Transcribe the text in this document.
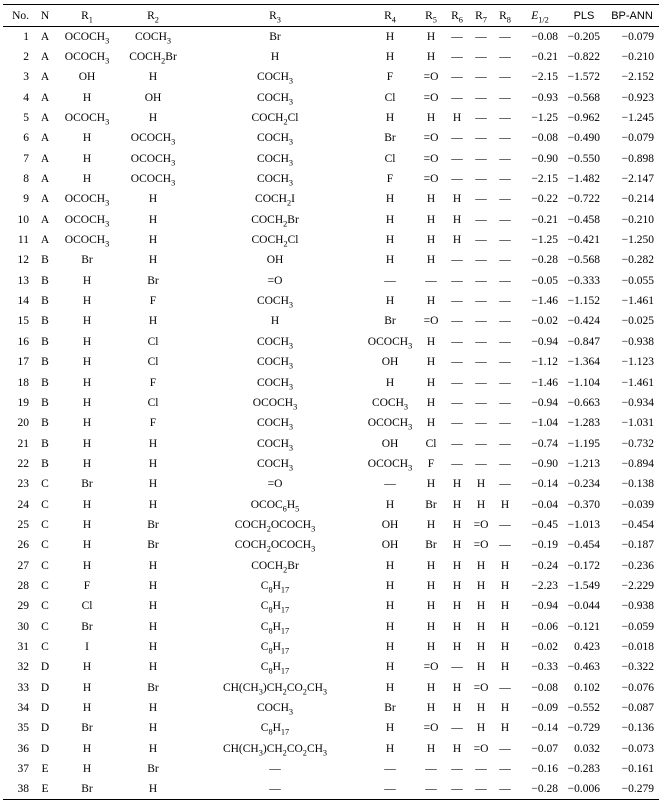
No.	N	$R_1$	$R_2$	$R_3$	$R_4$	$R_5$	$R_6$	$R_7$	$R_8$	$E_{1/2}$	PLS	BP-ANN
1	A	$OCOCH_3$	$COCH_3$	Br	H	H	—	—	—	−0.08	−0.205	−0.079
2	A	$OCOCH_3$	$COCH_2Br$	H	H	H	—	—	—	−0.21	−0.822	−0.210
3	A	OH	H	$COCH_3$	F	=O	—	—	—	−2.15	−1.572	−2.152
4	A	H	OH	$COCH_3$	Cl	=O	—	—	—	−0.93	−0.568	−0.923
5	A	$OCOCH_3$	H	$COCH_2Cl$	H	H	H	—	—	−1.25	−0.962	−1.245
6	A	H	$OCOCH_3$	$COCH_3$	Br	=O	—	—	—	−0.08	−0.490	−0.079
7	A	H	$OCOCH_3$	$COCH_3$	Cl	=O	—	—	—	−0.90	−0.550	−0.898
8	A	H	$OCOCH_3$	$COCH_3$	F	=O	—	—	—	−2.15	−1.482	−2.147
9	A	$OCOCH_3$	H	$COCH_2I$	H	H	H	—	—	−0.22	−0.722	−0.214
10	A	$OCOCH_3$	H	$COCH_2Br$	H	H	H	—	—	−0.21	−0.458	−0.210
11	A	$OCOCH_3$	H	$COCH_2Cl$	H	H	H	—	—	−1.25	−0.421	−1.250
12	B	Br	H	OH	H	H	—	—	—	−0.28	−0.568	−0.282
13	B	H	Br	=O	—	—	—	—	—	−0.05	−0.333	−0.055
14	B	H	F	$COCH_3$	H	H	—	—	—	−1.46	−1.152	−1.461
15	B	H	H	H	Br	=O	—	—	—	−0.02	−0.424	−0.025
16	B	H	Cl	$COCH_3$	$OCOCH_3$	H	—	—	—	−0.94	−0.847	−0.938
17	B	H	Cl	$COCH_3$	OH	H	—	—	—	−1.12	−1.364	−1.123
18	B	H	F	$COCH_3$	H	H	—	—	—	−1.46	−1.104	−1.461
19	B	H	Cl	$OCOCH_3$	$COCH_3$	H	—	—	—	−0.94	−0.663	−0.934
20	B	H	F	$COCH_3$	$OCOCH_3$	H	—	—	—	−1.04	−1.283	−1.031
21	B	H	H	$COCH_3$	OH	Cl	—	—	—	−0.74	−1.195	−0.732
22	B	H	H	$COCH_3$	$OCOCH_3$	F	—	—	—	−0.90	−1.213	−0.894
23	C	Br	H	=O	—	H	H	H	—	−0.14	−0.234	−0.138
24	C	H	H	$OCOC_6H_5$	H	Br	H	H	H	−0.04	−0.370	−0.039
25	C	H	Br	$COCH_2OCOCH_3$	OH	H	H	=O	—	−0.45	−1.013	−0.454
26	C	H	Br	$COCH_2OCOCH_3$	OH	Br	H	=O	—	−0.19	−0.454	−0.187
27	C	H	H	$COCH_2Br$	H	H	H	H	H	−0.24	−0.172	−0.236
28	C	F	H	$C_8H_{17}$	H	H	H	H	H	−2.23	−1.549	−2.229
29	C	Cl	H	$C_8H_{17}$	H	H	H	H	H	−0.94	−0.044	−0.938
30	C	Br	H	$C_8H_{17}$	H	H	H	H	H	−0.06	−0.121	−0.059
31	C	I	H	$C_8H_{17}$	H	H	H	H	H	−0.02	0.423	−0.018
32	D	H	H	$C_8H_{17}$	H	=O	—	H	H	−0.33	−0.463	−0.322
33	D	H	Br	$CH(CH_3)CH_2CO_2CH_3$	H	H	H	=O	—	−0.08	0.102	−0.076
34	D	H	H	$COCH_3$	Br	H	H	H	H	−0.09	−0.552	−0.087
35	D	Br	H	$C_8H_{17}$	H	=O	—	H	H	−0.14	−0.729	−0.136
36	D	H	H	$CH(CH_3)CH_2CO_2CH_3$	H	H	H	=O	—	−0.07	0.032	−0.073
37	E	H	Br	—	—	—	—	—	—	−0.16	−0.283	−0.161
38	E	Br	H	—	—	—	—	—	—	−0.28	−0.006	−0.279
